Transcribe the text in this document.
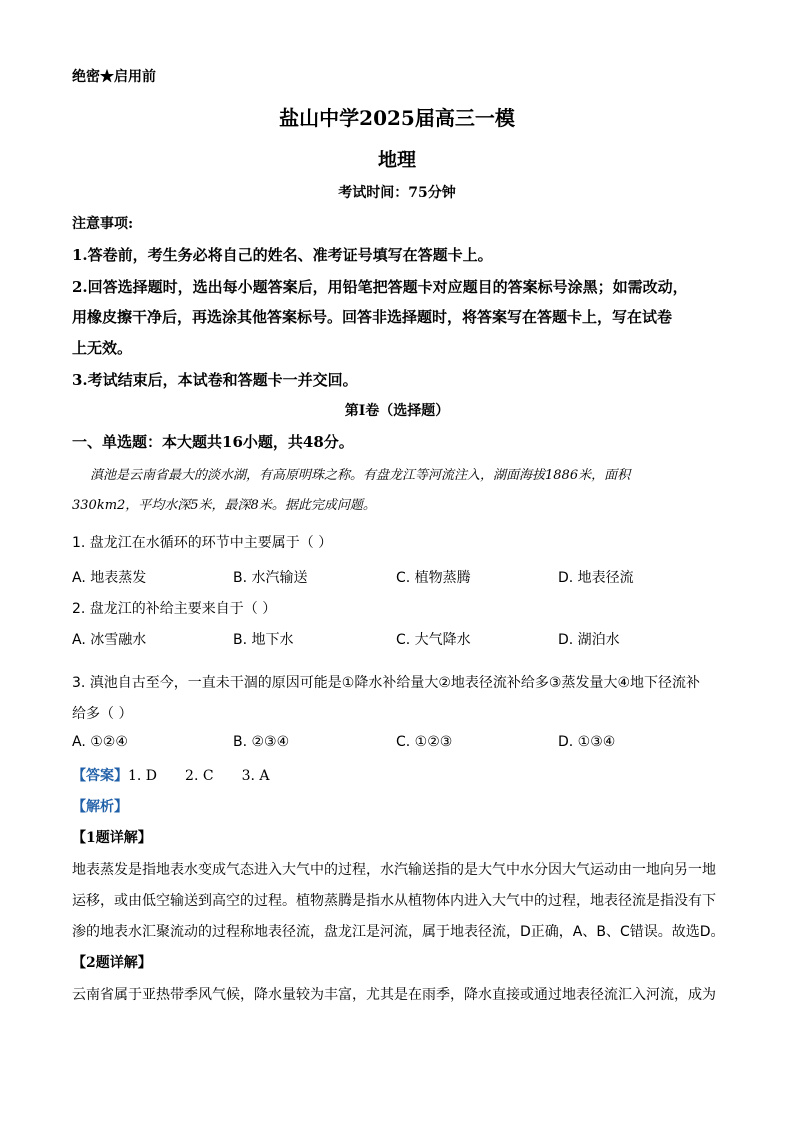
绝密★启用前
盐山中学2025届高三一模
地理
考试时间：75分钟
注意事项:
1.答卷前，考生务必将自己的姓名、准考证号填写在答题卡上。
2.回答选择题时，选出每小题答案后，用铅笔把答题卡对应题目的答案标号涂黑；如需改动，
用橡皮擦干净后，再选涂其他答案标号。回答非选择题时，将答案写在答题卡上，写在试卷
上无效。
3.考试结束后，本试卷和答题卡一并交回。
第I卷（选择题）
一、单选题：本大题共16小题，共48分。
滇池是云南省最大的淡水湖，有高原明珠之称。有盘龙江等河流注入，湖面海拔1886米，面积
330km2，平均水深5米，最深8米。据此完成问题。
1. 盘龙江在水循环的环节中主要属于（ ）
A. 地表蒸发	B. 水汽输送	C. 植物蒸腾	D. 地表径流
2. 盘龙江的补给主要来自于（ ）
A. 冰雪融水	B. 地下水	C. 大气降水	D. 湖泊水
3. 滇池自古至今，一直未干涸的原因可能是①降水补给量大②地表径流补给多③蒸发量大④地下径流补
给多（ ）
A. ①②④	B. ②③④	C. ①②③	D. ①③④
【答案】1. D 2. C 3. A
【解析】
【1题详解】
地表蒸发是指地表水变成气态进入大气中的过程，水汽输送指的是大气中水分因大气运动由一地向另一地
运移，或由低空输送到高空的过程。植物蒸腾是指水从植物体内进入大气中的过程，地表径流是指没有下
渗的地表水汇聚流动的过程称地表径流，盘龙江是河流，属于地表径流，D正确，A、B、C错误。故选D。
【2题详解】
云南省属于亚热带季风气候，降水量较为丰富，尤其是在雨季，降水直接或通过地表径流汇入河流，成为
